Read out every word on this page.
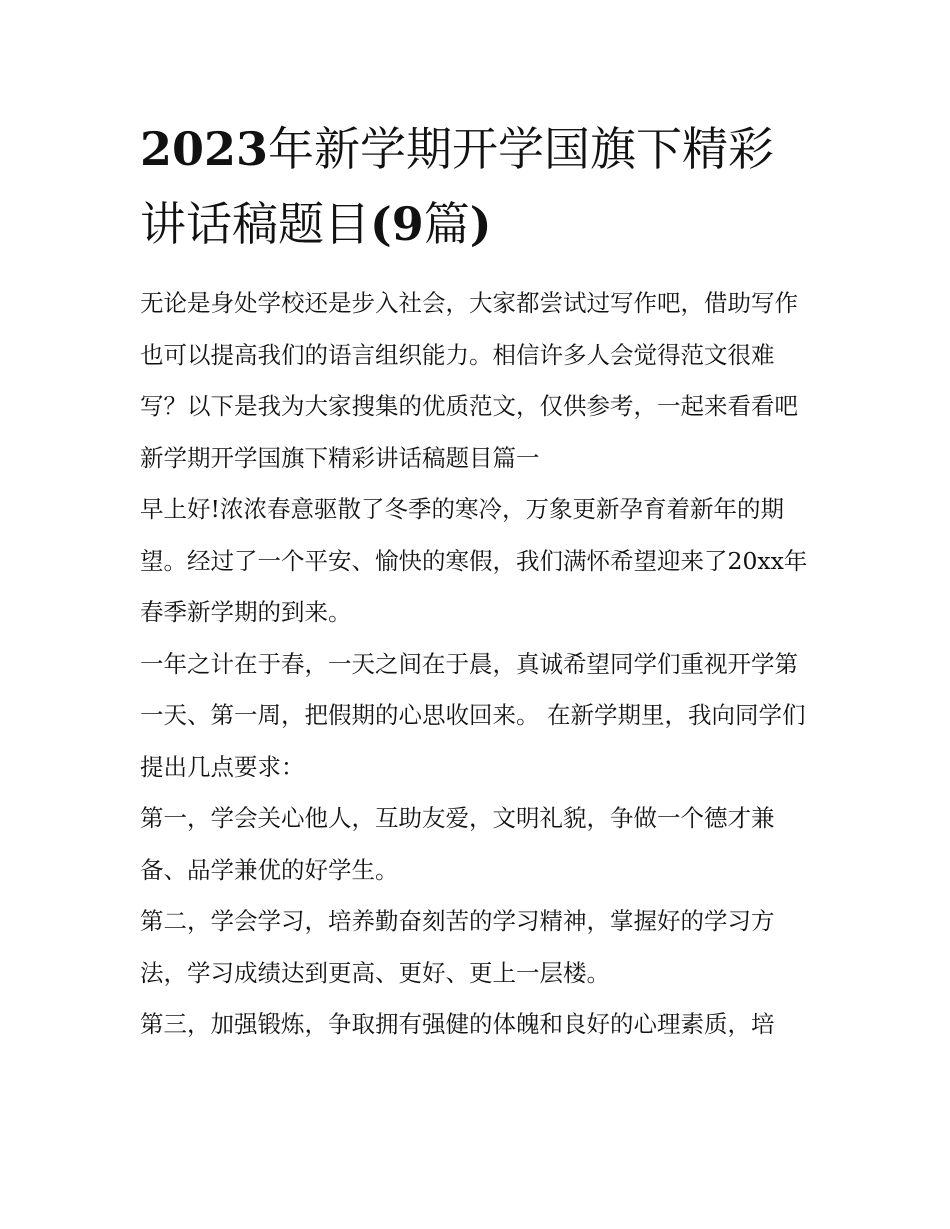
2023年新学期开学国旗下精彩讲话稿题目(9篇)

无论是身处学校还是步入社会，大家都尝试过写作吧，借助写作也可以提高我们的语言组织能力。相信许多人会觉得范文很难写？以下是我为大家搜集的优质范文，仅供参考，一起来看看吧

新学期开学国旗下精彩讲话稿题目篇一

早上好!浓浓春意驱散了冬季的寒冷，万象更新孕育着新年的期望。经过了一个平安、愉快的寒假，我们满怀希望迎来了20xx年春季新学期的到来。

一年之计在于春，一天之间在于晨，真诚希望同学们重视开学第一天、第一周，把假期的心思收回来。 在新学期里，我向同学们提出几点要求：

第一，学会关心他人，互助友爱，文明礼貌，争做一个德才兼备、品学兼优的好学生。

第二，学会学习，培养勤奋刻苦的学习精神，掌握好的学习方法，学习成绩达到更高、更好、更上一层楼。

第三，加强锻炼，争取拥有强健的体魄和良好的心理素质，培
